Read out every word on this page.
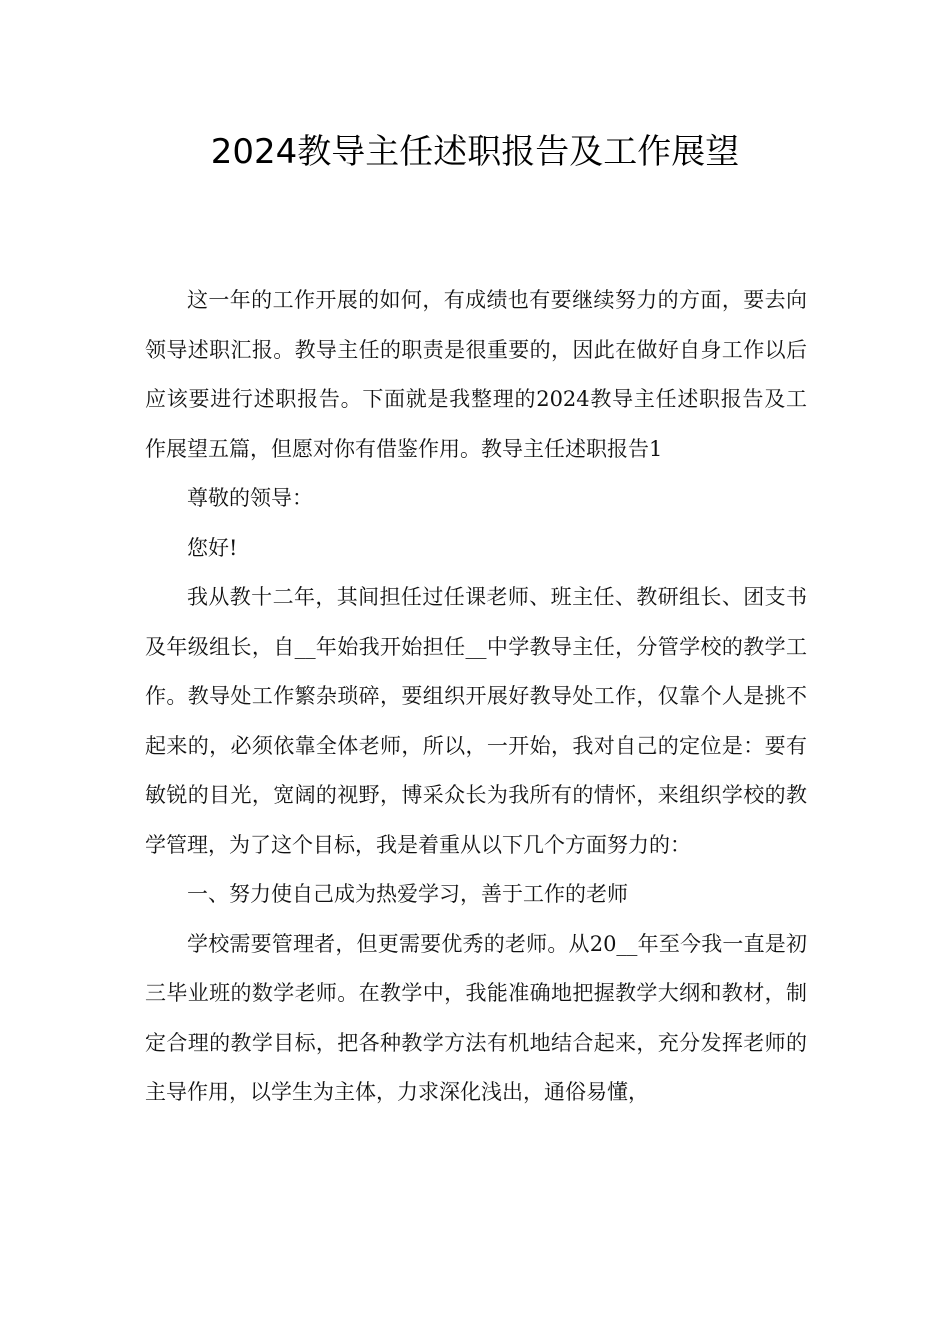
2024教导主任述职报告及工作展望

这一年的工作开展的如何，有成绩也有要继续努力的方面，要去向领导述职汇报。教导主任的职责是很重要的，因此在做好自身工作以后应该要进行述职报告。下面就是我整理的2024教导主任述职报告及工作展望五篇，但愿对你有借鉴作用。教导主任述职报告1

尊敬的领导：

您好!

我从教十二年，其间担任过任课老师、班主任、教研组长、团支书及年级组长，自__年始我开始担任__中学教导主任，分管学校的教学工作。教导处工作繁杂琐碎，要组织开展好教导处工作，仅靠个人是挑不起来的，必须依靠全体老师，所以，一开始，我对自己的定位是：要有敏锐的目光，宽阔的视野，博采众长为我所有的情怀，来组织学校的教学管理，为了这个目标，我是着重从以下几个方面努力的：

一、努力使自己成为热爱学习，善于工作的老师

学校需要管理者，但更需要优秀的老师。从20__年至今我一直是初三毕业班的数学老师。在教学中，我能准确地把握教学大纲和教材，制定合理的教学目标，把各种教学方法有机地结合起来，充分发挥老师的主导作用，以学生为主体，力求深化浅出，通俗易懂，
